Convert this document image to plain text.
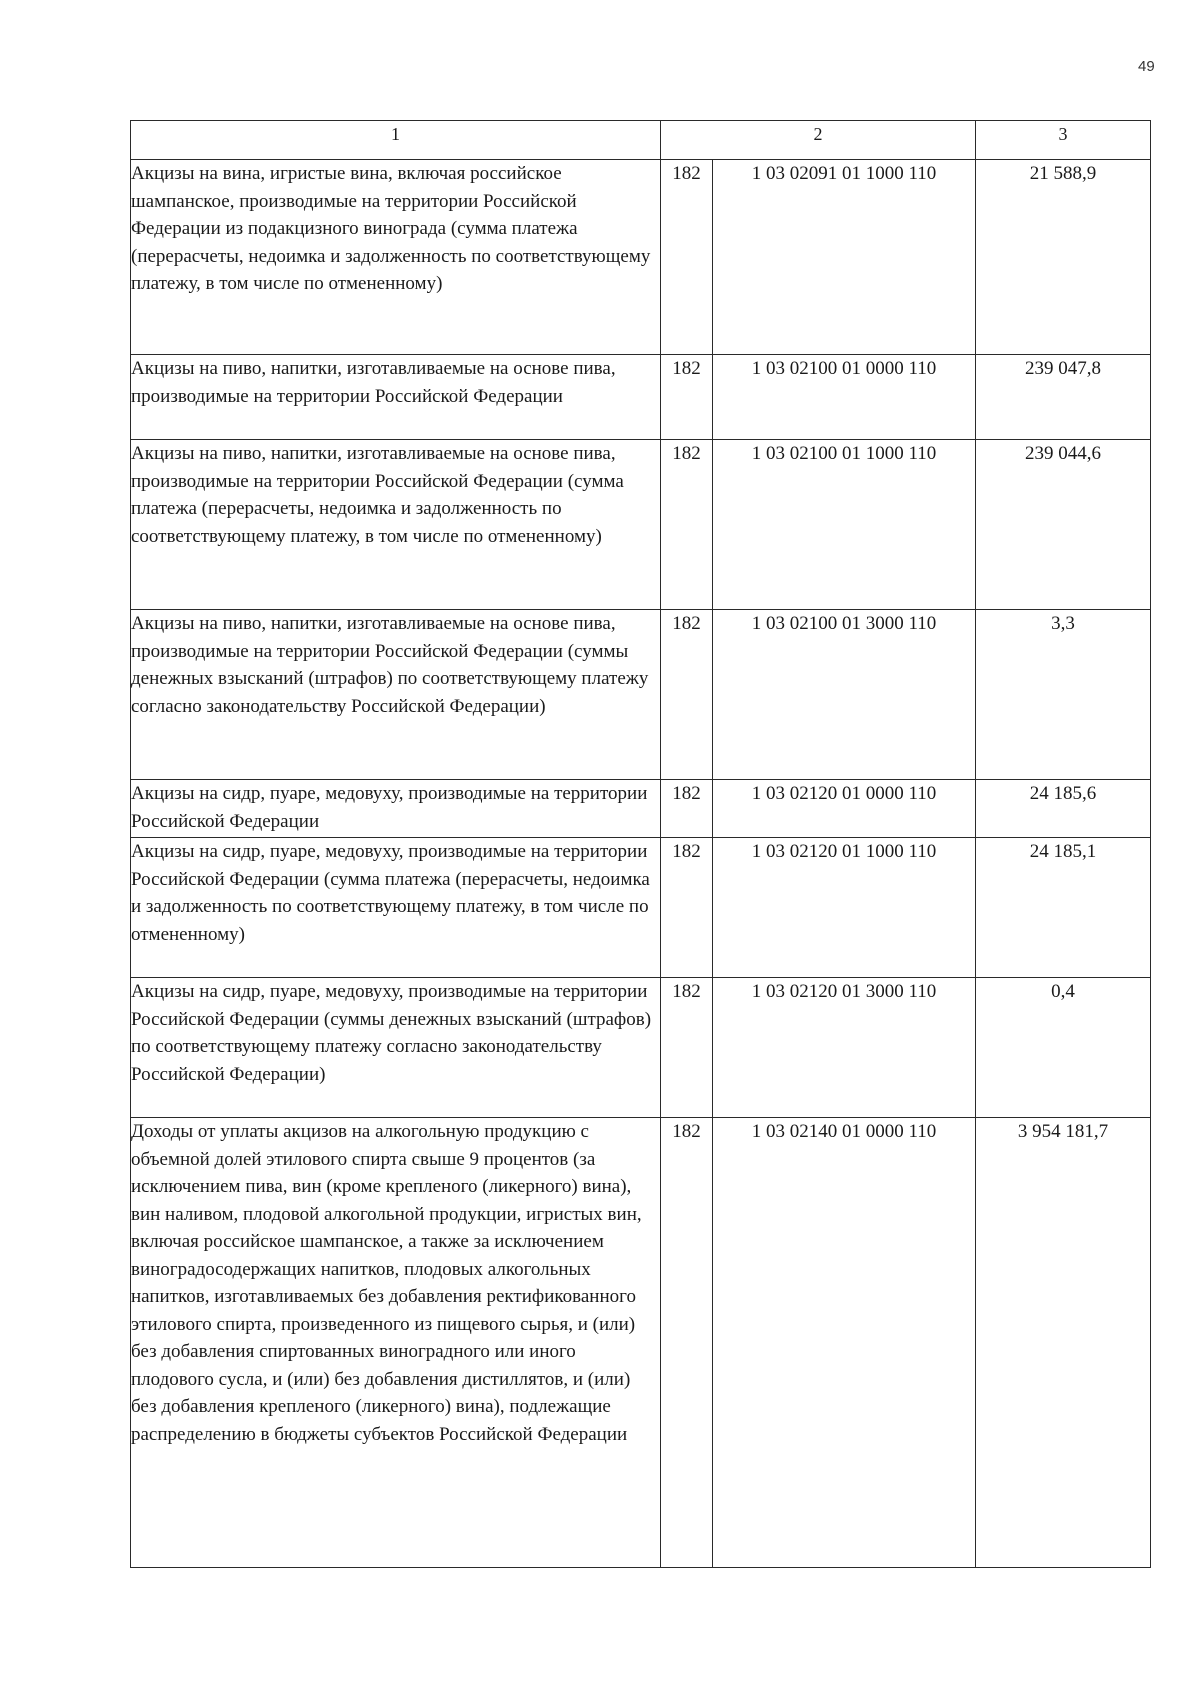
49
1	2		3
Акцизы на вина, игристые вина, включая российское шампанское, производимые на территории Российской Федерации из подакцизного винограда (сумма платежа (перерасчеты, недоимка и задолженность по соответствующему платежу, в том числе по отмененному)	182	1 03 02091 01 1000 110	21 588,9
Акцизы на пиво, напитки, изготавливаемые на основе пива, производимые на территории Российской Федерации	182	1 03 02100 01 0000 110	239 047,8
Акцизы на пиво, напитки, изготавливаемые на основе пива, производимые на территории Российской Федерации (сумма платежа (перерасчеты, недоимка и задолженность по соответствующему платежу, в том числе по отмененному)	182	1 03 02100 01 1000 110	239 044,6
Акцизы на пиво, напитки, изготавливаемые на основе пива, производимые на территории Российской Федерации (суммы денежных взысканий (штрафов) по соответствующему платежу согласно законодательству Российской Федерации)	182	1 03 02100 01 3000 110	3,3
Акцизы на сидр, пуаре, медовуху, производимые на территории Российской Федерации	182	1 03 02120 01 0000 110	24 185,6
Акцизы на сидр, пуаре, медовуху, производимые на территории Российской Федерации (сумма платежа (перерасчеты, недоимка и задолженность по соответствующему платежу, в том числе по отмененному)	182	1 03 02120 01 1000 110	24 185,1
Акцизы на сидр, пуаре, медовуху, производимые на территории Российской Федерации (суммы денежных взысканий (штрафов) по соответствующему платежу согласно законодательству Российской Федерации)	182	1 03 02120 01 3000 110	0,4
Доходы от уплаты акцизов на алкогольную продукцию с объемной долей этилового спирта свыше 9 процентов (за исключением пива, вин (кроме крепленого (ликерного) вина), вин наливом, плодовой алкогольной продукции, игристых вин, включая российское шампанское, а также за исключением виноградосодержащих напитков, плодовых алкогольных напитков, изготавливаемых без добавления ректификованного этилового спирта, произведенного из пищевого сырья, и (или) без добавления спиртованных виноградного или иного плодового сусла, и (или) без добавления дистиллятов, и (или) без добавления крепленого (ликерного) вина), подлежащие распределению в бюджеты субъектов Российской Федерации	182	1 03 02140 01 0000 110	3 954 181,7
